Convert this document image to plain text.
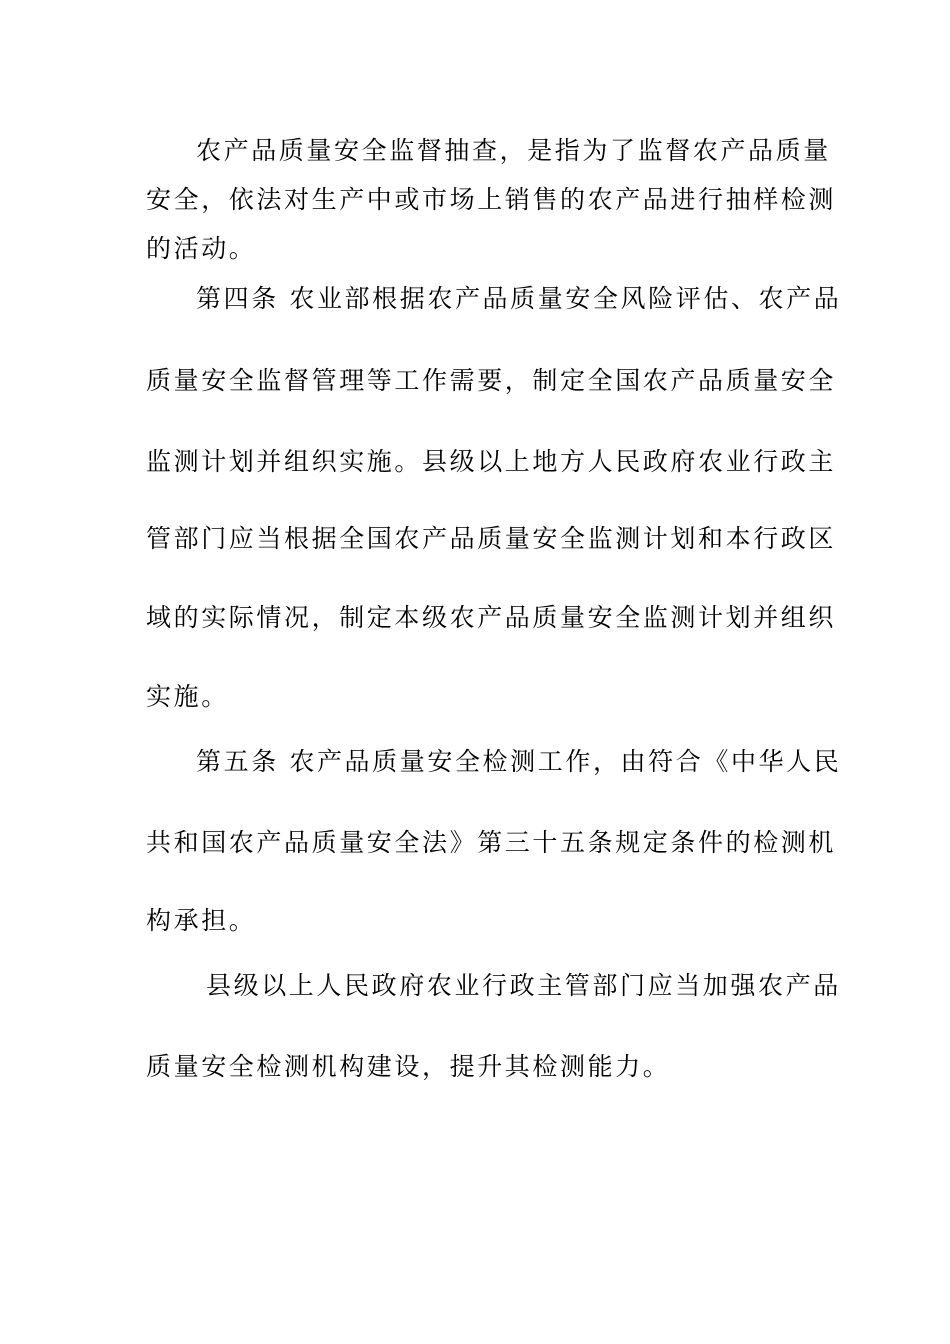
农产品质量安全监督抽查，是指为了监督农产品质量
安全，依法对生产中或市场上销售的农产品进行抽样检测
的活动。
第四条 农业部根据农产品质量安全风险评估、农产品
质量安全监督管理等工作需要，制定全国农产品质量安全
监测计划并组织实施。县级以上地方人民政府农业行政主
管部门应当根据全国农产品质量安全监测计划和本行政区
域的实际情况，制定本级农产品质量安全监测计划并组织
实施。
第五条 农产品质量安全检测工作，由符合《中华人民
共和国农产品质量安全法》第三十五条规定条件的检测机
构承担。
县级以上人民政府农业行政主管部门应当加强农产品
质量安全检测机构建设，提升其检测能力。
